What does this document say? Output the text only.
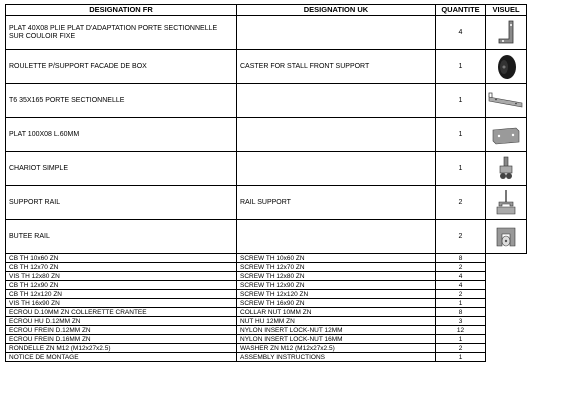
DESIGNATION FR	DESIGNATION UK	QUANTITE	VISUEL
PLAT 40X08 PLIE PLAT D'ADAPTATION PORTE SECTIONNELLE SUR COULOIR FIXE		4	

ROULETTE P/SUPPORT FACADE DE BOX	CASTER FOR STALL FRONT SUPPORT	1	

T6 35X165 PORTE SECTIONNELLE		1	

PLAT 100X08 L.60MM		1	

CHARIOT SIMPLE		1	

SUPPORT RAIL	RAIL SUPPORT	2	

BUTEE RAIL		2	

CB TH 10x60 ZN	SCREW TH 10x60 ZN	8	
CB TH 12x70 ZN	SCREW TH 12x70 ZN	2	
VIS TH 12x80 ZN	SCREW TH 12x80 ZN	4	
CB TH 12x90 ZN	SCREW TH 12x90 ZN	4	
CB TH 12x120 ZN	SCREW TH 12x120 ZN	2	
VIS TH 16x90 ZN	SCREW TH 16x90 ZN	1	
ECROU D.10MM ZN COLLERETTE CRANTEE	COLLAR NUT 10MM ZN	8	
ECROU HU D.12MM ZN	NUT HU 12MM ZN	3	
ECROU FREIN D.12MM ZN	NYLON INSERT LOCK-NUT 12MM	12	
ECROU FREIN D.16MM ZN	NYLON INSERT LOCK-NUT 16MM	1	
RONDELLE ZN M12 (M12x27x2.5)	WASHER ZN M12 (M12x27x2.5)	2	
NOTICE DE MONTAGE	ASSEMBLY INSTRUCTIONS	1	
